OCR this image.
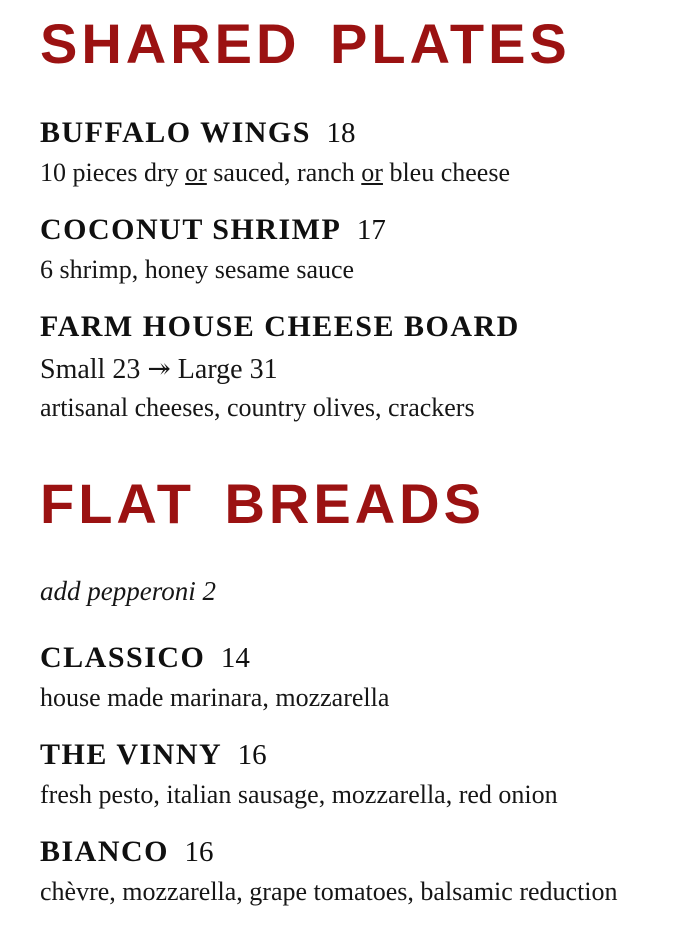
SHARED PLATES
BUFFALO WINGS 18
10 pieces dry or sauced, ranch or bleu cheese
COCONUT SHRIMP 17
6 shrimp, honey sesame sauce
FARM HOUSE CHEESE BOARD
Small 23 ↠ Large 31
artisanal cheeses, country olives, crackers
FLAT BREADS
add pepperoni 2
CLASSICO 14
house made marinara, mozzarella
THE VINNY 16
fresh pesto, italian sausage, mozzarella, red onion
BIANCO 16
chèvre, mozzarella, grape tomatoes, balsamic reduction
